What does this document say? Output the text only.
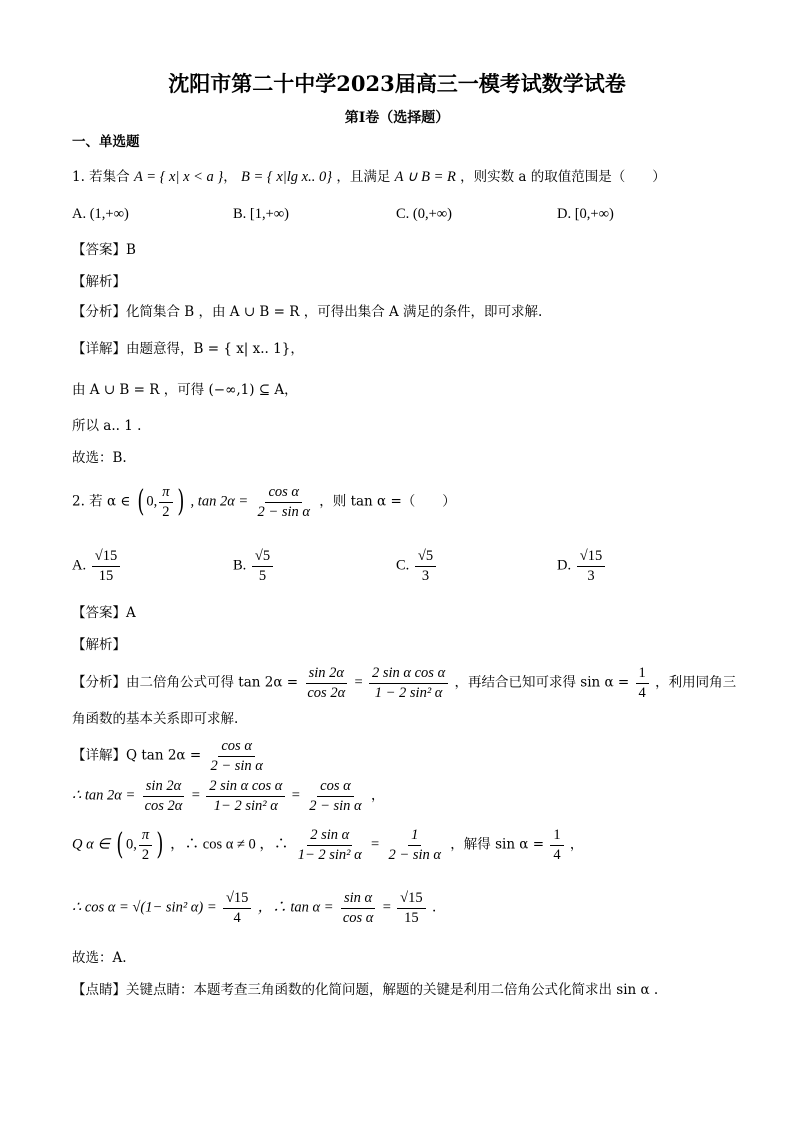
沈阳市第二十中学2023届高三一模考试数学试卷
第I卷（选择题）
一、单选题
1. 若集合 A = { x| x < a }， B = { x|lg x.. 0} ，且满足 A ∪ B = R ，则实数 a 的取值范围是（　　）
A. (1,+∞)	B. [1,+∞)	C. (0,+∞)	D. [0,+∞)
【答案】B
【解析】
【分析】化简集合 B ，由 A ∪ B = R ，可得出集合 A 满足的条件，即可求解.
【详解】由题意得，B = { x| x.. 1}，
由 A ∪ B = R ，可得 (−∞,1) ⊆ A，
所以 a.. 1 .
故选：B.
2. 若 α ∈ ( 0, $\frac{\pi}{2}$ ) , $\tan 2\alpha = \frac{\text{cos α}}{\text{2 − sin α}}$ ，则 tan α =（　　）
A. $\frac{√15}{15}$	B. $\frac{√5}{5}$	C. $\frac{√5}{3}$	D. $\frac{√15}{3}$
【答案】A
【解析】
【分析】由二倍角公式可得 $\tan 2\alpha = \frac{\sin 2\alpha}{\cos 2\alpha} = \frac{\text{2 sin α cos α}}{\text{1 − 2 sin² α}}$ ，再结合已知可求得 $\sin \alpha = \frac{1}{4}$ ，利用同角三
角函数的基本关系即可求解.
【详解】Q $\tan 2\alpha = \frac{\text{cos α}}{\text{2 − sin α}}$
∴ $\tan 2\alpha = \frac{\sin 2\alpha}{\cos 2\alpha} = \frac{\text{2 sin α cos α}}{\text{1− 2 sin² α}} = \frac{\text{cos α}}{\text{2 − sin α}}$ ，
Q α ∈ ( 0, $\frac{\pi}{2}$ ) ，∴ cos α ≠ 0 ，∴ $\frac{\text{2 sin α}}{\text{1− 2 sin² α}} = \frac{1}{\text{2 − sin α}}$ ，解得 $\sin \alpha = \frac{1}{4}$ ，
∴ cos α = √(1− sin² $\alpha) = \frac{√15}{4}$ ，∴ $\tan \alpha = \frac{\text{sin α}}{\text{cos α}} = \frac{√15}{15}$ .
故选：A.
【点睛】关键点睛：本题考查三角函数的化简问题，解题的关键是利用二倍角公式化简求出 sin α .
